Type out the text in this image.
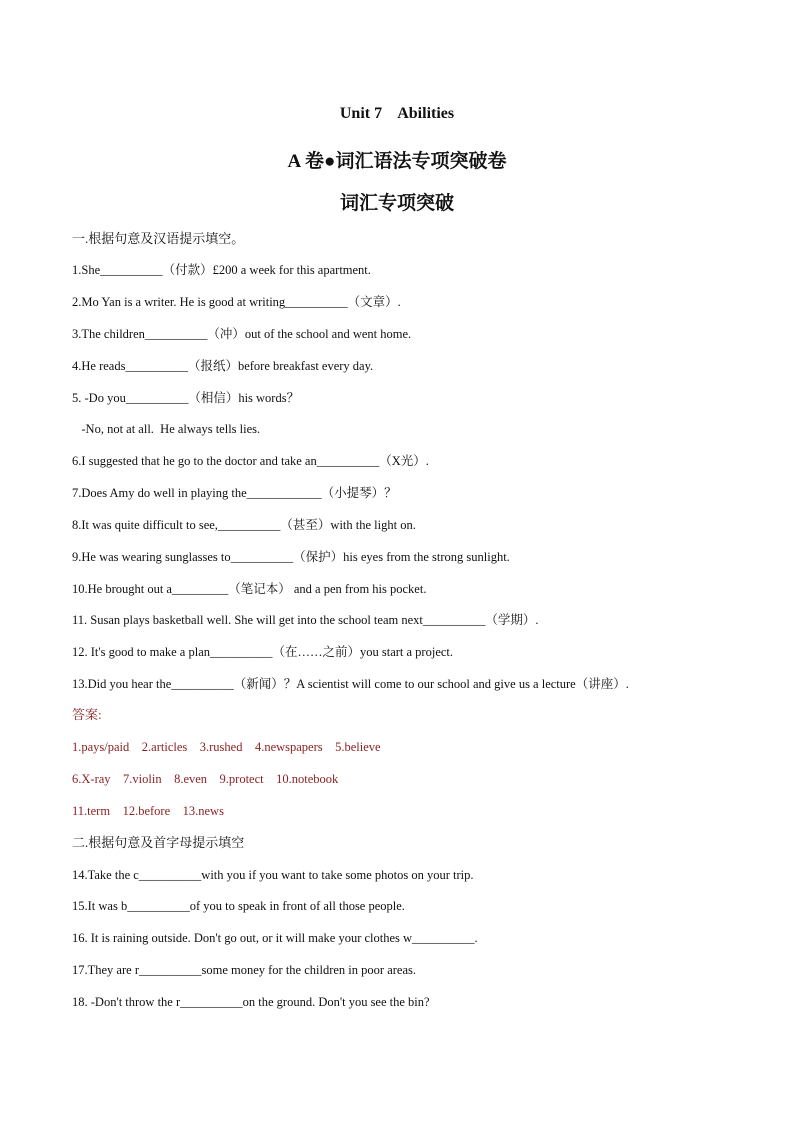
Unit 7    Abilities
A 卷●词汇语法专项突破卷
词汇专项突破
一.根据句意及汉语提示填空。
1.She__________（付款）£200 a week for this apartment.
2.Mo Yan is a writer. He is good at writing__________（文章）.
3.The children__________（冲）out of the school and went home.
4.He reads__________（报纸）before breakfast every day.
5. -Do you__________（相信）his words？
-No, not at all.  He always tells lies.
6.I suggested that he go to the doctor and take an__________（X光）.
7.Does Amy do well in playing the____________（小提琴）？
8.It was quite difficult to see,__________（甚至）with the light on.
9.He was wearing sunglasses to__________（保护）his eyes from the strong sunlight.
10.He brought out a_________（笔记本） and a pen from his pocket.
11. Susan plays basketball well. She will get into the school team next__________（学期）.
12. It's good to make a plan__________（在……之前）you start a project.
13.Did you hear the__________（新闻）？A scientist will come to our school and give us a lecture（讲座）.
答案:
1.pays/paid    2.articles    3.rushed    4.newspapers    5.believe
6.X-ray    7.violin    8.even    9.protect    10.notebook
11.term    12.before    13.news
二.根据句意及首字母提示填空
14.Take the c__________with you if you want to take some photos on your trip.
15.It was b__________of you to speak in front of all those people.
16. It is raining outside. Don't go out, or it will make your clothes w__________.
17.They are r__________some money for the children in poor areas.
18. -Don't throw the r__________on the ground. Don't you see the bin?
